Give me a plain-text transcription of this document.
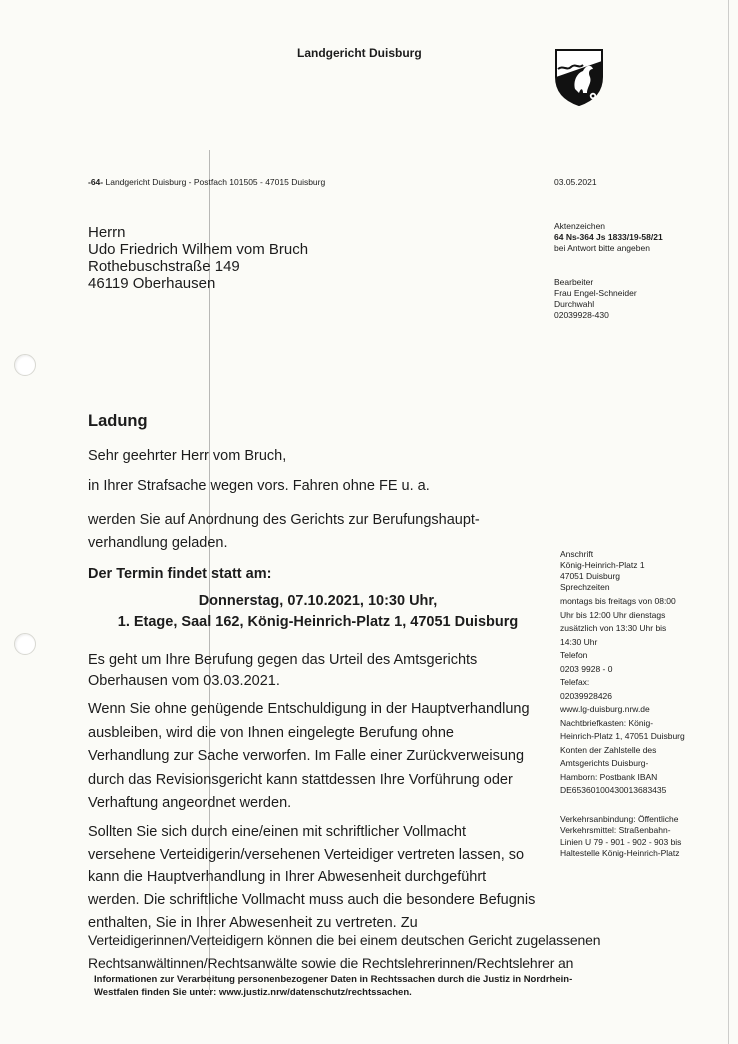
Landgericht Duisburg
-64- Landgericht Duisburg - Postfach 101505 - 47015 Duisburg	03.05.2021
Herrn
Udo Friedrich Wilhem vom Bruch
Rothebuschstraße 149
46119 Oberhausen
Aktenzeichen
64 Ns-364 Js 1833/19-58/21
bei Antwort bitte angeben
Bearbeiter
Frau Engel-Schneider
Durchwahl
02039928-430
Ladung
Sehr geehrter Herr vom Bruch,
in Ihrer Strafsache wegen vors. Fahren ohne FE u. a.
werden Sie auf Anordnung des Gerichts zur Berufungshaupt-
verhandlung geladen.
Der Termin findet statt am:
Donnerstag, 07.10.2021, 10:30 Uhr,
1. Etage, Saal 162, König-Heinrich-Platz 1, 47051 Duisburg
Es geht um Ihre Berufung gegen das Urteil des Amtsgerichts
Oberhausen vom 03.03.2021.
Wenn Sie ohne genügende Entschuldigung in der Hauptverhandlung
ausbleiben, wird die von Ihnen eingelegte Berufung ohne
Verhandlung zur Sache verworfen. Im Falle einer Zurückverweisung
durch das Revisionsgericht kann stattdessen Ihre Vorführung oder
Verhaftung angeordnet werden.
Sollten Sie sich durch eine/einen mit schriftlicher Vollmacht
versehene Verteidigerin/versehenen Verteidiger vertreten lassen, so
kann die Hauptverhandlung in Ihrer Abwesenheit durchgeführt
werden. Die schriftliche Vollmacht muss auch die besondere Befugnis
enthalten, Sie in Ihrer Abwesenheit zu vertreten. Zu
Verteidigerinnen/Verteidigern können die bei einem deutschen Gericht zugelassenen
Rechtsanwältinnen/Rechtsanwälte sowie die Rechtslehrerinnen/Rechtslehrer an
Anschrift
König-Heinrich-Platz 1
47051 Duisburg
Sprechzeiten
montags bis freitags von 08:00
Uhr bis 12:00 Uhr dienstags
zusätzlich von 13:30 Uhr bis
14:30 Uhr
Telefon
0203 9928 - 0
Telefax:
02039928426
www.lg-duisburg.nrw.de
Nachtbriefkasten: König-
Heinrich-Platz 1, 47051 Duisburg
Konten der Zahlstelle des
Amtsgerichts Duisburg-
Hamborn: Postbank IBAN
DE65360100430013683435
Verkehrsanbindung: Öffentliche
Verkehrsmittel: Straßenbahn-
Linien U 79 - 901 - 902 - 903 bis
Haltestelle König-Heinrich-Platz
Informationen zur Verarbeitung personenbezogener Daten in Rechtssachen durch die Justiz in Nordrhein-
Westfalen finden Sie unter: www.justiz.nrw/datenschutz/rechtssachen.
